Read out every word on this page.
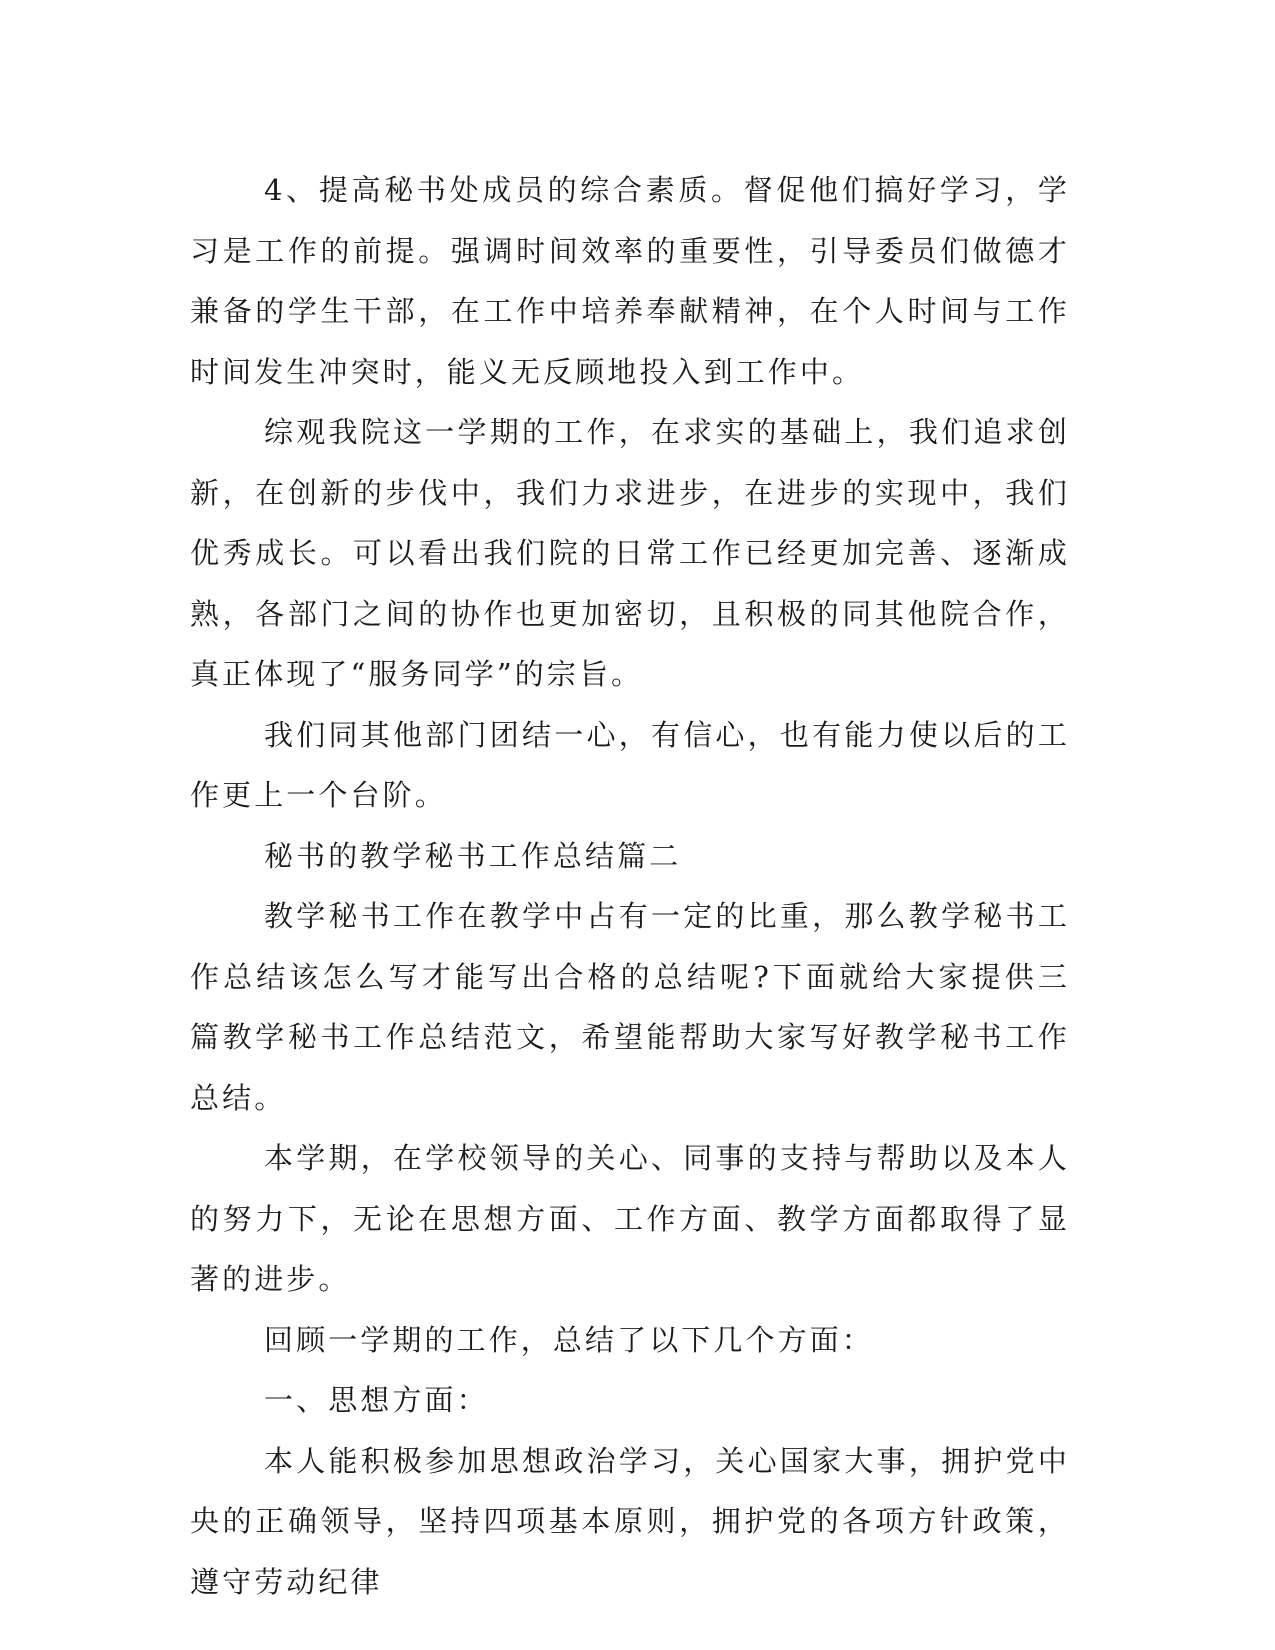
4、提高秘书处成员的综合素质。督促他们搞好学习，学习是工作的前提。强调时间效率的重要性，引导委员们做德才兼备的学生干部，在工作中培养奉献精神，在个人时间与工作时间发生冲突时，能义无反顾地投入到工作中。

综观我院这一学期的工作，在求实的基础上，我们追求创新，在创新的步伐中，我们力求进步，在进步的实现中，我们优秀成长。可以看出我们院的日常工作已经更加完善、逐渐成熟，各部门之间的协作也更加密切，且积极的同其他院合作，真正体现了“服务同学”的宗旨。

我们同其他部门团结一心，有信心，也有能力使以后的工作更上一个台阶。

秘书的教学秘书工作总结篇二

教学秘书工作在教学中占有一定的比重，那么教学秘书工作总结该怎么写才能写出合格的总结呢?下面就给大家提供三篇教学秘书工作总结范文，希望能帮助大家写好教学秘书工作总结。

本学期，在学校领导的关心、同事的支持与帮助以及本人的努力下，无论在思想方面、工作方面、教学方面都取得了显著的进步。

回顾一学期的工作，总结了以下几个方面：

一、思想方面：

本人能积极参加思想政治学习，关心国家大事，拥护党中央的正确领导，坚持四项基本原则，拥护党的各项方针政策，遵守劳动纪律
